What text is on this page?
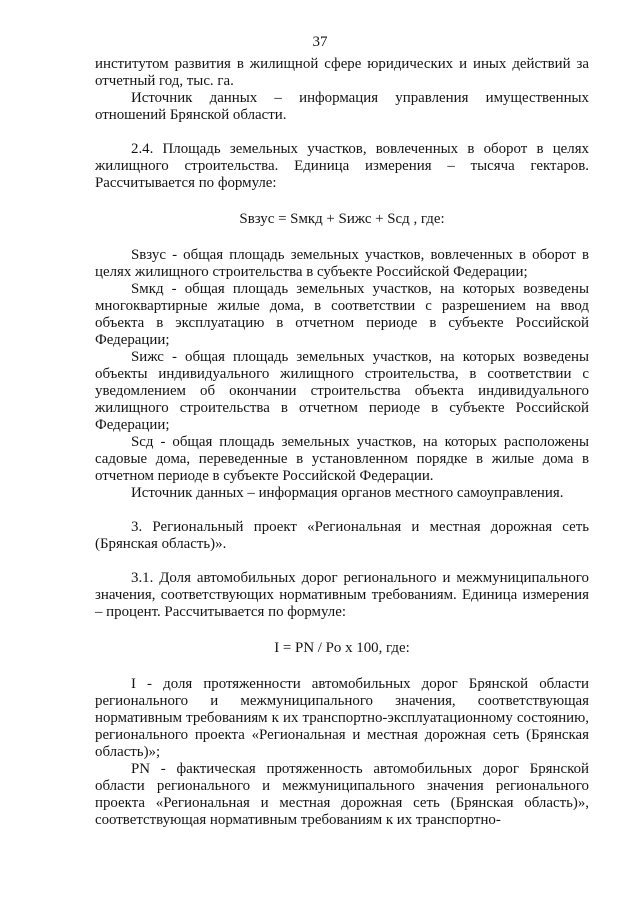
37

институтом развития в жилищной сфере юридических и иных действий за отчетный год, тыс. га.

Источник данных – информация управления имущественных отношений Брянской области.

2.4. Площадь земельных участков, вовлеченных в оборот в целях жилищного строительства. Единица измерения – тысяча гектаров. Рассчитывается по формуле:

Sвзус = Sмкд + Sижс + Sсд , где:

Sвзус - общая площадь земельных участков, вовлеченных в оборот в целях жилищного строительства в субъекте Российской Федерации;

Sмкд - общая площадь земельных участков, на которых возведены многоквартирные жилые дома, в соответствии с разрешением на ввод объекта в эксплуатацию в отчетном периоде в субъекте Российской Федерации;

Sижс - общая площадь земельных участков, на которых возведены объекты индивидуального жилищного строительства, в соответствии с уведомлением об окончании строительства объекта индивидуального жилищного строительства в отчетном периоде в субъекте Российской Федерации;

Sсд - общая площадь земельных участков, на которых расположены садовые дома, переведенные в установленном порядке в жилые дома в отчетном периоде в субъекте Российской Федерации.

Источник данных – информация органов местного самоуправления.

3. Региональный проект «Региональная и местная дорожная сеть (Брянская область)».

3.1. Доля автомобильных дорог регионального и межмуниципального значения, соответствующих нормативным требованиям. Единица измерения – процент. Рассчитывается по формуле:

I = PN / Po x 100, где:

I - доля протяженности автомобильных дорог Брянской области регионального и межмуниципального значения, соответствующая нормативным требованиям к их транспортно-эксплуатационному состоянию, регионального проекта «Региональная и местная дорожная сеть (Брянская область)»;

PN - фактическая протяженность автомобильных дорог Брянской области регионального и межмуниципального значения регионального проекта «Региональная и местная дорожная сеть (Брянская область)», соответствующая нормативным требованиям к их транспортно-
